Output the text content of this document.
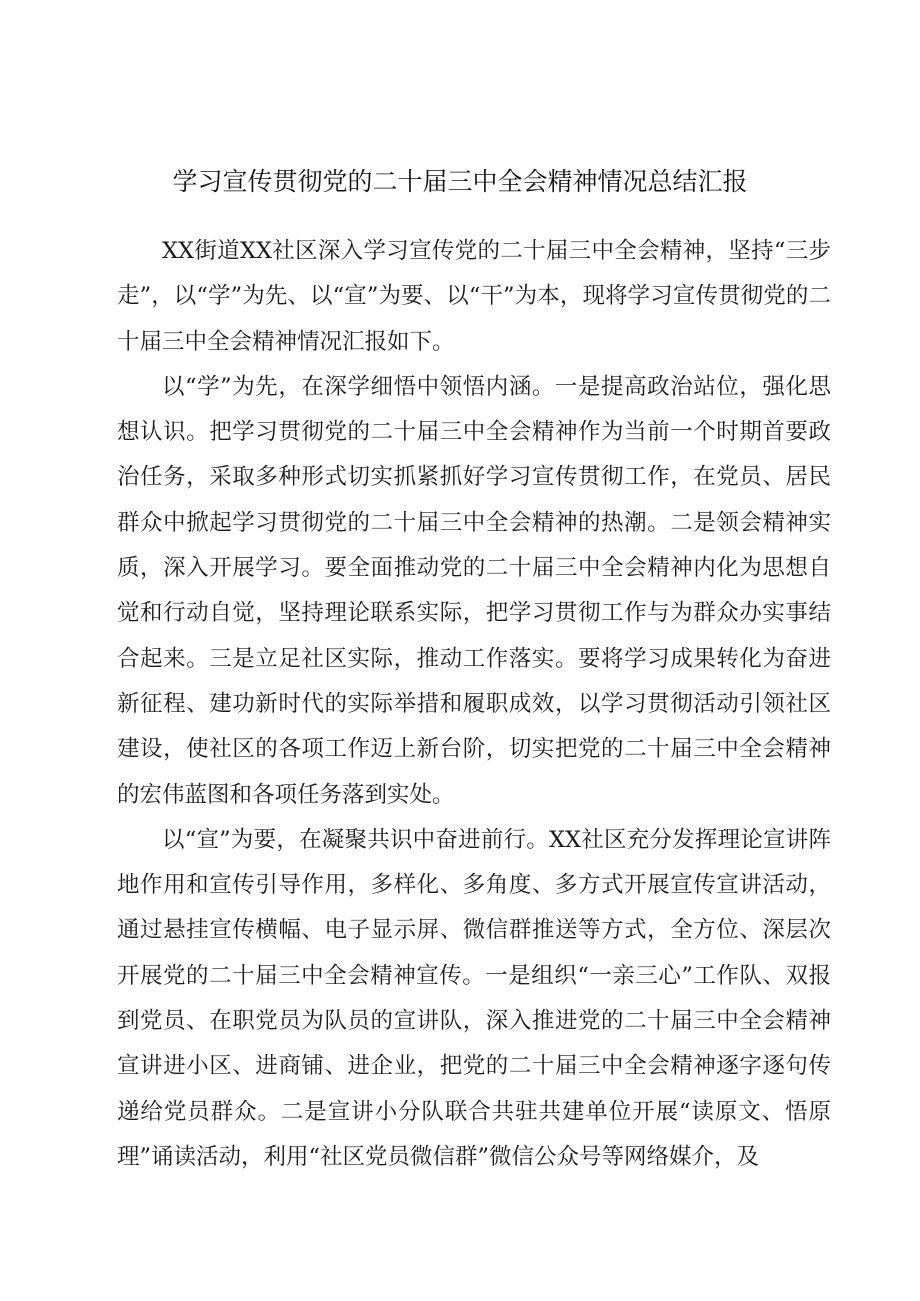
学习宣传贯彻党的二十届三中全会精神情况总结汇报

XX街道XX社区深入学习宣传党的二十届三中全会精神，坚持“三步走”，以“学”为先、以“宣”为要、以“干”为本，现将学习宣传贯彻党的二十届三中全会精神情况汇报如下。

以“学”为先，在深学细悟中领悟内涵。一是提高政治站位，强化思想认识。把学习贯彻党的二十届三中全会精神作为当前一个时期首要政治任务，采取多种形式切实抓紧抓好学习宣传贯彻工作，在党员、居民群众中掀起学习贯彻党的二十届三中全会精神的热潮。二是领会精神实质，深入开展学习。要全面推动党的二十届三中全会精神内化为思想自觉和行动自觉，坚持理论联系实际，把学习贯彻工作与为群众办实事结合起来。三是立足社区实际，推动工作落实。要将学习成果转化为奋进新征程、建功新时代的实际举措和履职成效，以学习贯彻活动引领社区建设，使社区的各项工作迈上新台阶，切实把党的二十届三中全会精神的宏伟蓝图和各项任务落到实处。

以“宣”为要，在凝聚共识中奋进前行。XX社区充分发挥理论宣讲阵地作用和宣传引导作用，多样化、多角度、多方式开展宣传宣讲活动，通过悬挂宣传横幅、电子显示屏、微信群推送等方式，全方位、深层次开展党的二十届三中全会精神宣传。一是组织“一亲三心”工作队、双报到党员、在职党员为队员的宣讲队，深入推进党的二十届三中全会精神宣讲进小区、进商铺、进企业，把党的二十届三中全会精神逐字逐句传递给党员群众。二是宣讲小分队联合共驻共建单位开展“读原文、悟原理”诵读活动，利用“社区党员微信群”微信公众号等网络媒介，及
